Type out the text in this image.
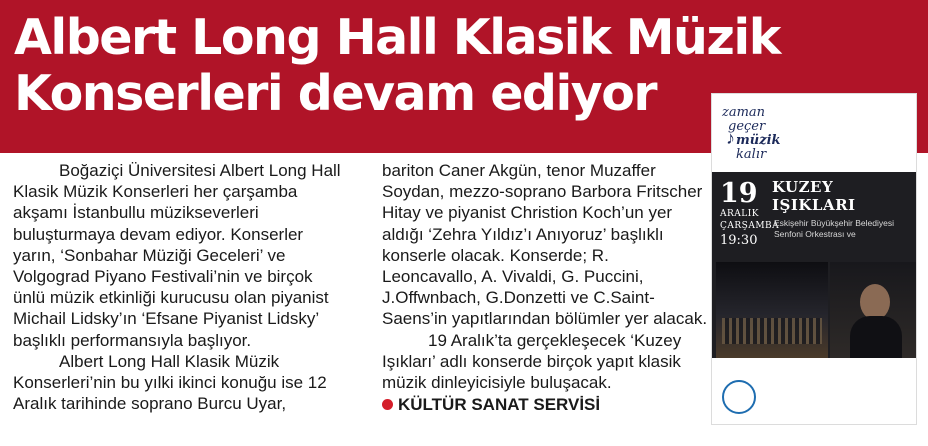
Albert Long Hall Klasik Müzik
Konserleri devam ediyor

Boğaziçi Üniversitesi Albert Long Hall Klasik Müzik Konserleri her çarşamba akşamı İstanbullu müzikseverleri buluşturmaya devam ediyor. Konserler yarın, ‘Sonbahar Müziği Geceleri’ ve Volgograd Piyano Festivali’nin ve birçok ünlü müzik etkinliği kurucusu olan piyanist Michail Lidsky’ın ‘Efsane Piyanist Lidsky’ başlıklı performansıyla başlıyor.

Albert Long Hall Klasik Müzik Konserleri’nin bu yılki ikinci konuğu ise 12 Aralık tarihinde soprano Burcu Uyar,

bariton Caner Akgün, tenor Muzaffer Soydan, mezzo-soprano Barbora Fritscher Hitay ve piyanist Christion Koch’un yer aldığı ‘Zehra Yıldız’ı Anıyoruz’ başlıklı konserle olacak. Konserde; R. Leoncavallo, A. Vivaldi, G. Puccini, J.Offwnbach, G.Donzetti ve C.Saint-Saens’in yapıtlarından bölümler yer alacak.

19 Aralık’ta gerçekleşecek ‘Kuzey Işıkları’ adlı konserde birçok yapıt klasik müzik dinleyicisiyle buluşacak.

KÜLTÜR SANAT SERVİSİ

zaman
geçer
müzik
kalır
♪
19
ARALIK
ÇARŞAMBA
19:30
KUZEY
IŞIKLARI
Eskişehir Büyükşehir Belediyesi
Senfoni Orkestrası ve
